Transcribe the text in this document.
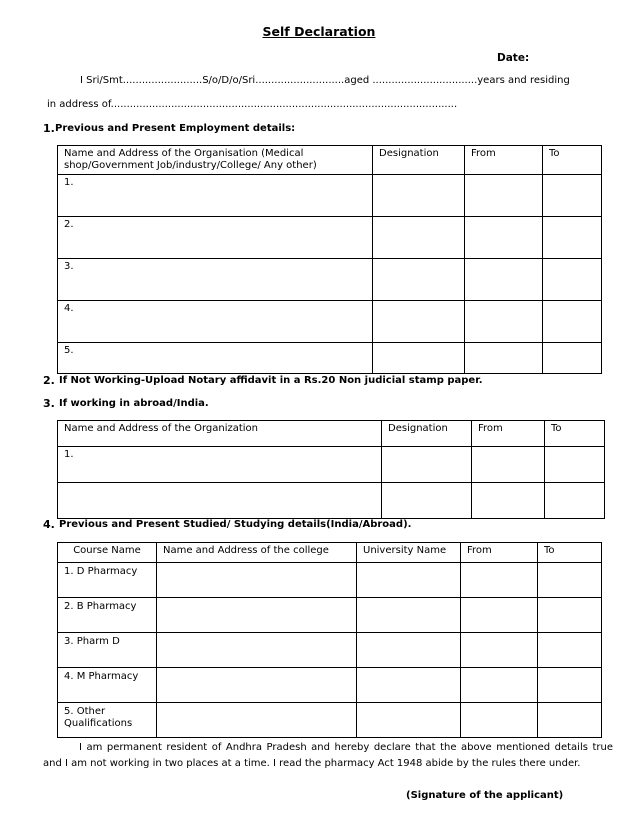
Self Declaration
Date:
I Sri/Smt.........................S/o/D/o/Sri............................aged .................................years and residing
in address of.............................................................................................................
1. Previous and Present Employment details:
Name and Address of the Organisation (Medical shop/Government Job/industry/College/ Any other)	Designation	From	To
1.			
2.			
3.			
4.			
5.			
2. If Not Working-Upload Notary affidavit in a Rs.20 Non judicial stamp paper.
3. If working in abroad/India.
Name and Address of the Organization	Designation	From	To
1.			

4. Previous and Present Studied/ Studying details(India/Abroad).
Course Name	Name and Address of the college	University Name	From	To
1. D Pharmacy				
2. B Pharmacy				
3. Pharm D				
4. M Pharmacy				
5. Other Qualifications				
I am permanent resident of Andhra Pradesh and hereby declare that the above mentioned details true and I am not working in two places at a time. I read the pharmacy Act 1948 abide by the rules there under.
(Signature of the applicant)
